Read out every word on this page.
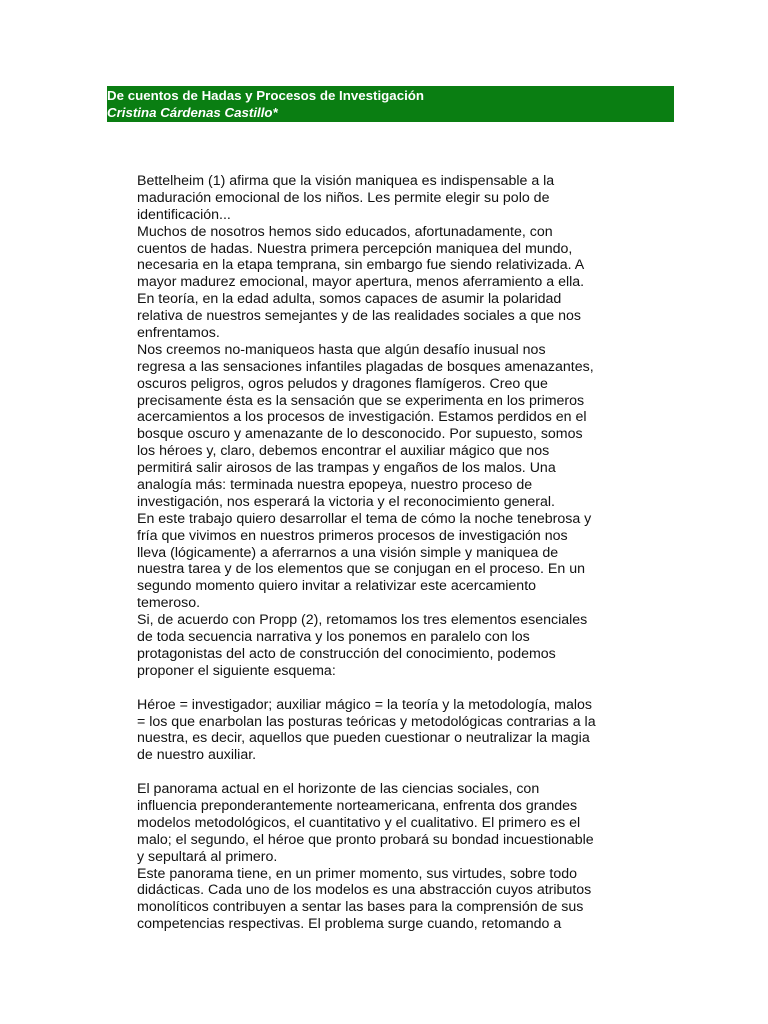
De cuentos de Hadas y Procesos de Investigación
Cristina Cárdenas Castillo*
Bettelheim (1) afirma que la visión maniquea es indispensable a la
maduración emocional de los niños. Les permite elegir su polo de
identificación...
Muchos de nosotros hemos sido educados, afortunadamente, con
cuentos de hadas. Nuestra primera percepción maniquea del mundo,
necesaria en la etapa temprana, sin embargo fue siendo relativizada. A
mayor madurez emocional, mayor apertura, menos aferramiento a ella.
En teoría, en la edad adulta, somos capaces de asumir la polaridad
relativa de nuestros semejantes y de las realidades sociales a que nos
enfrentamos.
Nos creemos no-maniqueos hasta que algún desafío inusual nos
regresa a las sensaciones infantiles plagadas de bosques amenazantes,
oscuros peligros, ogros peludos y dragones flamígeros. Creo que
precisamente ésta es la sensación que se experimenta en los primeros
acercamientos a los procesos de investigación. Estamos perdidos en el
bosque oscuro y amenazante de lo desconocido. Por supuesto, somos
los héroes y, claro, debemos encontrar el auxiliar mágico que nos
permitirá salir airosos de las trampas y engaños de los malos. Una
analogía más: terminada nuestra epopeya, nuestro proceso de
investigación, nos esperará la victoria y el reconocimiento general.
En este trabajo quiero desarrollar el tema de cómo la noche tenebrosa y
fría que vivimos en nuestros primeros procesos de investigación nos
lleva (lógicamente) a aferrarnos a una visión simple y maniquea de
nuestra tarea y de los elementos que se conjugan en el proceso. En un
segundo momento quiero invitar a relativizar este acercamiento
temeroso.
Si, de acuerdo con Propp (2), retomamos los tres elementos esenciales
de toda secuencia narrativa y los ponemos en paralelo con los
protagonistas del acto de construcción del conocimiento, podemos
proponer el siguiente esquema:
Héroe = investigador; auxiliar mágico = la teoría y la metodología, malos
= los que enarbolan las posturas teóricas y metodológicas contrarias a la
nuestra, es decir, aquellos que pueden cuestionar o neutralizar la magia
de nuestro auxiliar.
El panorama actual en el horizonte de las ciencias sociales, con
influencia preponderantemente norteamericana, enfrenta dos grandes
modelos metodológicos, el cuantitativo y el cualitativo. El primero es el
malo; el segundo, el héroe que pronto probará su bondad incuestionable
y sepultará al primero.
Este panorama tiene, en un primer momento, sus virtudes, sobre todo
didácticas. Cada uno de los modelos es una abstracción cuyos atributos
monolíticos contribuyen a sentar las bases para la comprensión de sus
competencias respectivas. El problema surge cuando, retomando a
